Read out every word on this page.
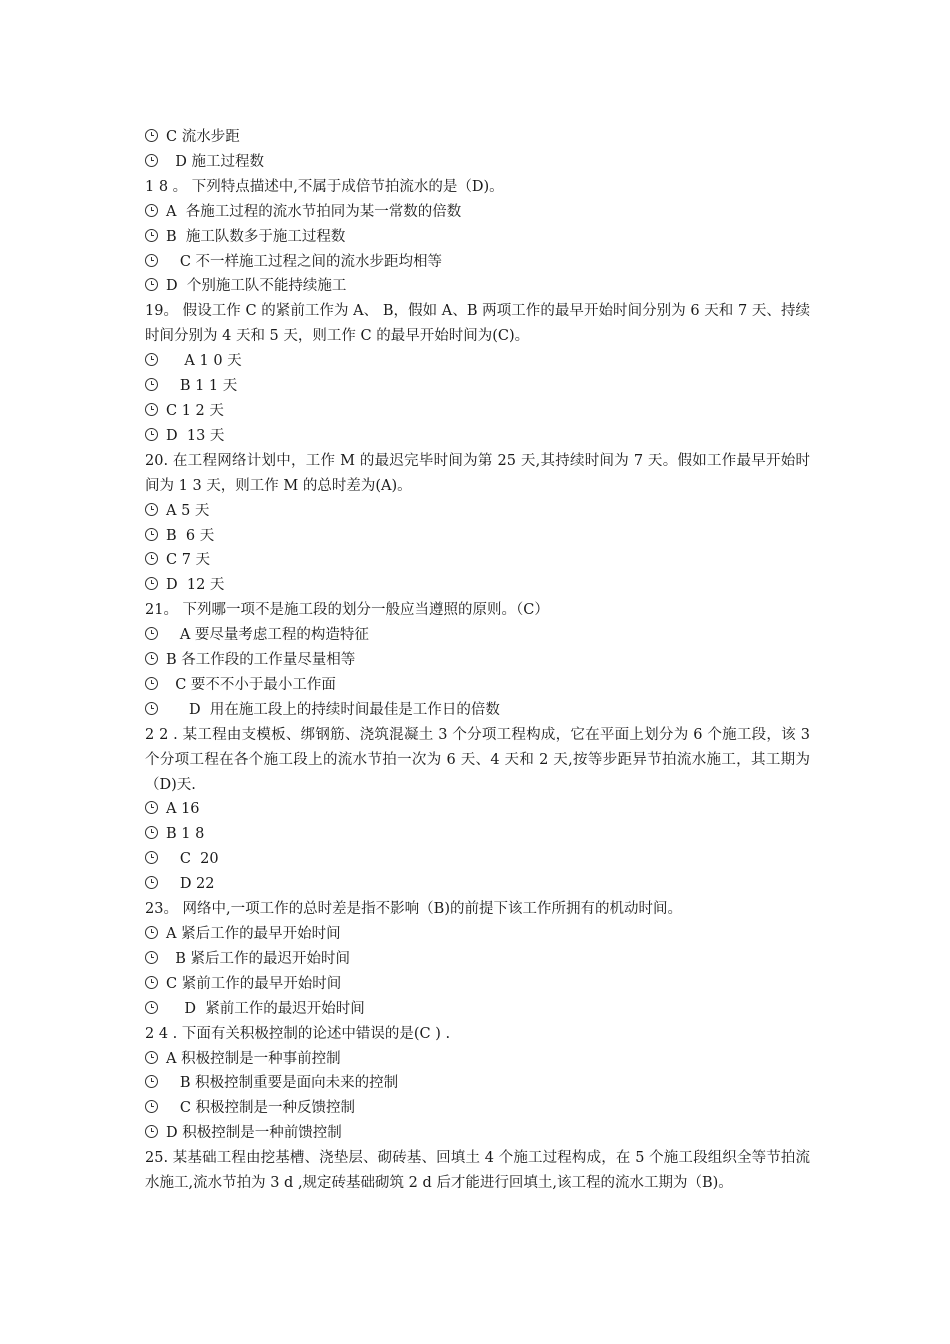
C 流水步距
D 施工过程数
1 8 。 下列特点描述中,不属于成倍节拍流水的是（D)。
A  各施工过程的流水节拍同为某一常数的倍数
B  施工队数多于施工过程数
C 不一样施工过程之间的流水步距均相等
D  个别施工队不能持续施工
19。 假设工作 C 的紧前工作为 A、 B，假如 A、B 两项工作的最早开始时间分别为 6 天和 7 天、持续时间分别为 4 天和 5 天，则工作 C 的最早开始时间为(C)。
A 1 0 天
B 1 1 天
C 1 2 天
D  13 天
20. 在工程网络计划中，工作 M 的最迟完毕时间为第 25 天,其持续时间为 7 天。假如工作最早开始时间为 1 3 天，则工作 M 的总时差为(A)。
A 5 天
B  6 天
C 7 天
D  12 天
21。 下列哪一项不是施工段的划分一般应当遵照的原则。（C）
A 要尽量考虑工程的构造特征
B 各工作段的工作量尽量相等
C 要不不小于最小工作面
D  用在施工段上的持续时间最佳是工作日的倍数
2 2 . 某工程由支模板、绑钢筋、浇筑混凝土 3 个分项工程构成，它在平面上划分为 6 个施工段，该 3 个分项工程在各个施工段上的流水节拍一次为 6 天、4 天和 2 天,按等步距异节拍流水施工，其工期为（D)天.
A 16
B 1 8
C  20
D 22
23。 网络中,一项工作的总时差是指不影响（B)的前提下该工作所拥有的机动时间。
A 紧后工作的最早开始时间
B 紧后工作的最迟开始时间
C 紧前工作的最早开始时间
D  紧前工作的最迟开始时间
2 4 . 下面有关积极控制的论述中错误的是(C ) .
A 积极控制是一种事前控制
B 积极控制重要是面向未来的控制
C 积极控制是一种反馈控制
D 积极控制是一种前馈控制
25. 某基础工程由挖基槽、浇垫层、砌砖基、回填土 4 个施工过程构成，在 5 个施工段组织全等节拍流水施工,流水节拍为 3 d ,规定砖基础砌筑 2 d 后才能进行回填土,该工程的流水工期为（B)。
